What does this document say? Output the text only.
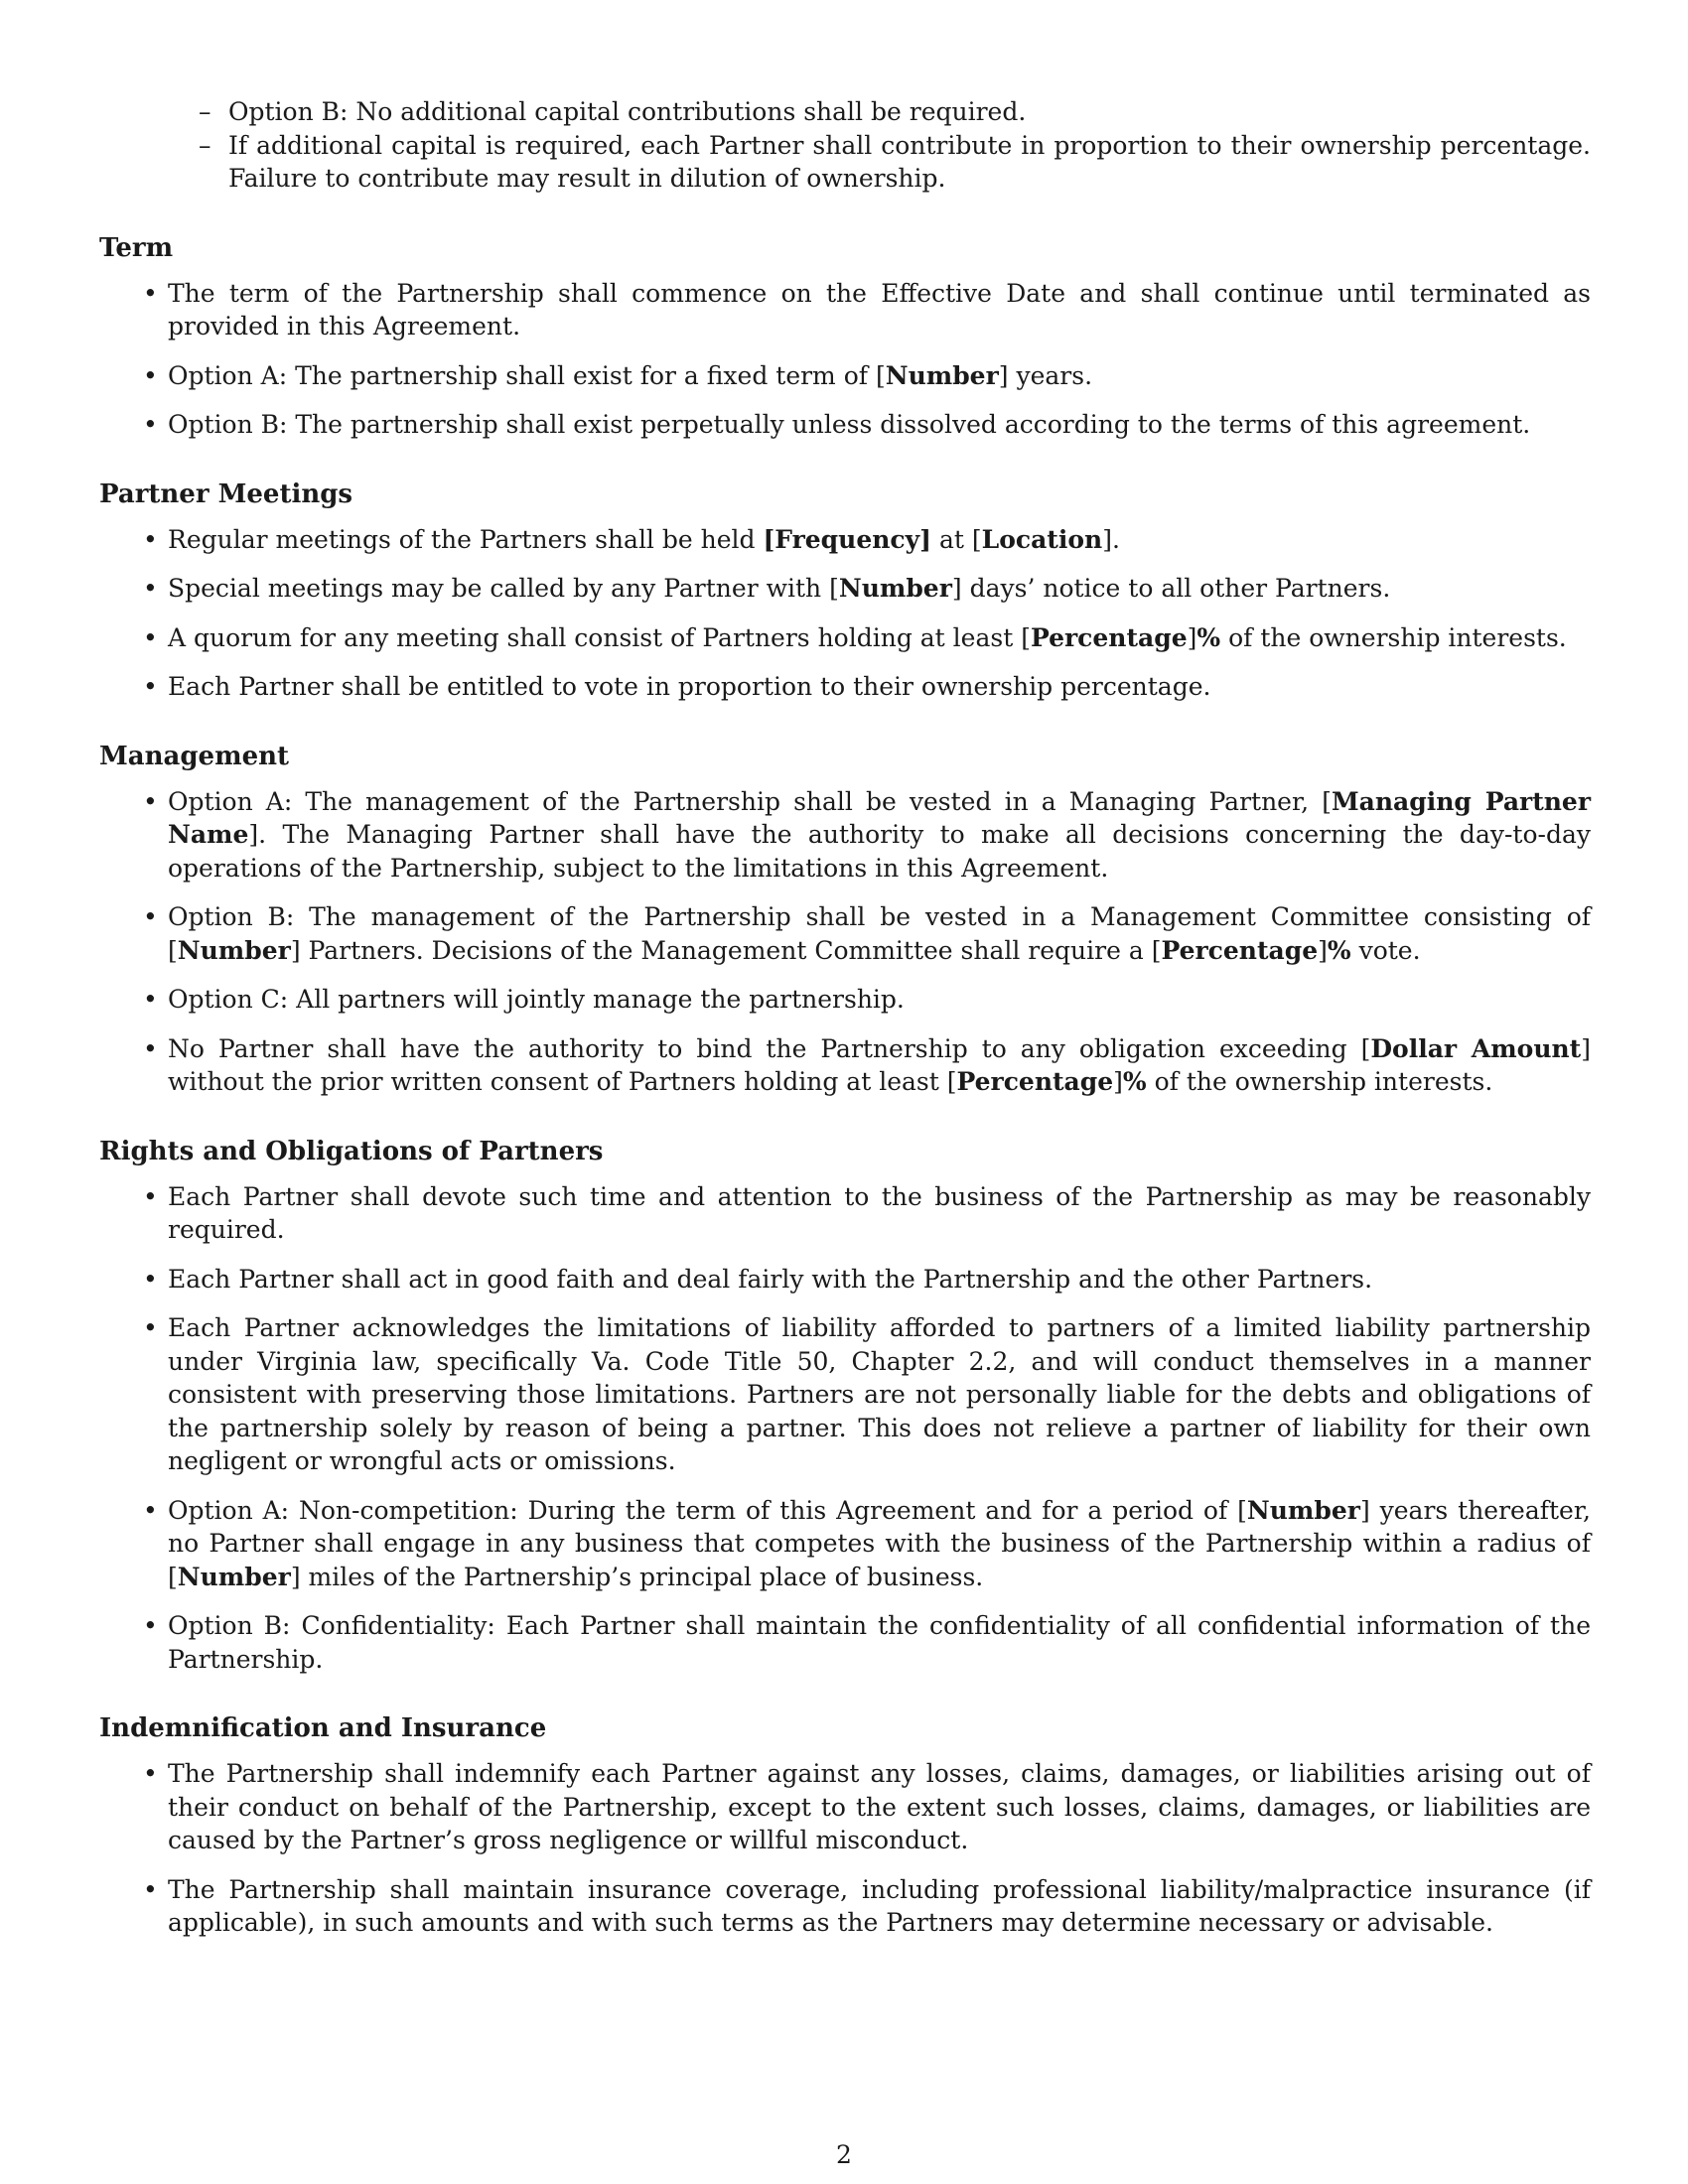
– Option B: No additional capital contributions shall be required.
– If additional capital is required, each Partner shall contribute in proportion to their ownership percentage. Failure to contribute may result in dilution of ownership.
Term
• The term of the Partnership shall commence on the Effective Date and shall continue until terminated as provided in this Agreement.
• Option A: The partnership shall exist for a fixed term of [Number] years.
• Option B: The partnership shall exist perpetually unless dissolved according to the terms of this agreement.
Partner Meetings
• Regular meetings of the Partners shall be held [Frequency] at [Location].
• Special meetings may be called by any Partner with [Number] days’ notice to all other Partners.
• A quorum for any meeting shall consist of Partners holding at least [Percentage]% of the ownership interests.
• Each Partner shall be entitled to vote in proportion to their ownership percentage.
Management
• Option A: The management of the Partnership shall be vested in a Managing Partner, [Managing Partner Name]. The Managing Partner shall have the authority to make all decisions concerning the day-to-day operations of the Partnership, subject to the limitations in this Agreement.
• Option B: The management of the Partnership shall be vested in a Management Committee consisting of [Number] Partners. Decisions of the Management Committee shall require a [Percentage]% vote.
• Option C: All partners will jointly manage the partnership.
• No Partner shall have the authority to bind the Partnership to any obligation exceeding [Dollar Amount] without the prior written consent of Partners holding at least [Percentage]% of the ownership interests.
Rights and Obligations of Partners
• Each Partner shall devote such time and attention to the business of the Partnership as may be reasonably required.
• Each Partner shall act in good faith and deal fairly with the Partnership and the other Partners.
• Each Partner acknowledges the limitations of liability afforded to partners of a limited liability partnership under Virginia law, specifically Va. Code Title 50, Chapter 2.2, and will conduct themselves in a manner consistent with preserving those limitations. Partners are not personally liable for the debts and obligations of the partnership solely by reason of being a partner. This does not relieve a partner of liability for their own negligent or wrongful acts or omissions.
• Option A: Non-competition: During the term of this Agreement and for a period of [Number] years thereafter, no Partner shall engage in any business that competes with the business of the Partnership within a radius of [Number] miles of the Partnership’s principal place of business.
• Option B: Confidentiality: Each Partner shall maintain the confidentiality of all confidential information of the Partnership.
Indemnification and Insurance
• The Partnership shall indemnify each Partner against any losses, claims, damages, or liabilities arising out of their conduct on behalf of the Partnership, except to the extent such losses, claims, damages, or liabilities are caused by the Partner’s gross negligence or willful misconduct.
• The Partnership shall maintain insurance coverage, including professional liability/malpractice insurance (if applicable), in such amounts and with such terms as the Partners may determine necessary or advisable.
2
